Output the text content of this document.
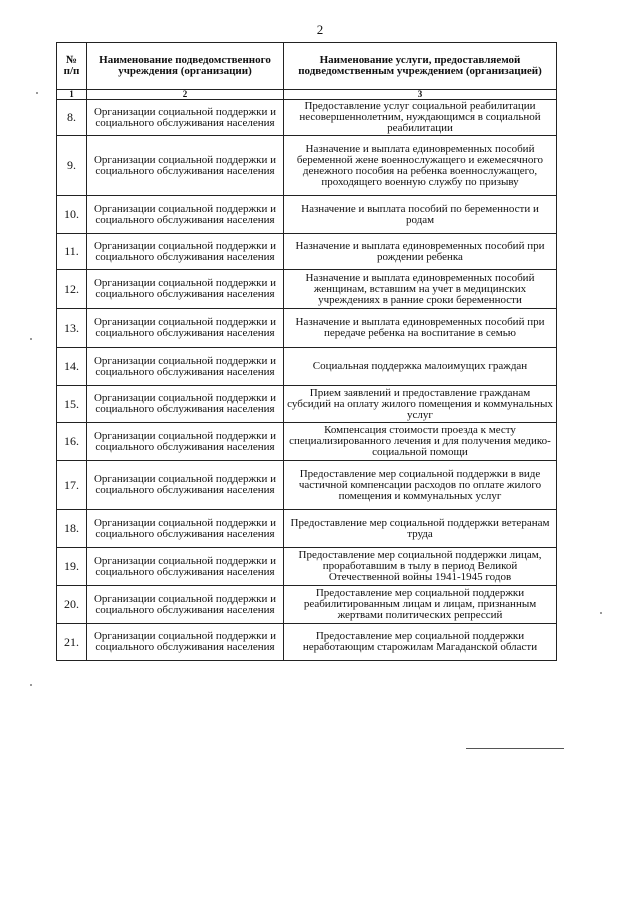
2
№ п/п	Наименование подведомственного учреждения (организации)	Наименование услуги, предоставляемой подведомственным учреждением (организацией)
1	2	3
8.	Организации социальной поддержки и социального обслуживания населения	Предоставление услуг социальной реабилитации несовершеннолетним, нуждающимся в социальной реабилитации
9.	Организации социальной поддержки и социального обслуживания населения	Назначение и выплата единовременных пособий беременной жене военнослужащего и ежемесячного денежного пособия на ребенка военнослужащего, проходящего военную службу по призыву
10.	Организации социальной поддержки и социального обслуживания населения	Назначение и выплата пособий по беременности и родам
11.	Организации социальной поддержки и социального обслуживания населения	Назначение и выплата единовременных пособий при рождении ребенка
12.	Организации социальной поддержки и социального обслуживания населения	Назначение и выплата единовременных пособий женщинам, вставшим на учет в медицинских учреждениях в ранние сроки беременности
13.	Организации социальной поддержки и социального обслуживания населения	Назначение и выплата единовременных пособий при передаче ребенка на воспитание в семью
14.	Организации социальной поддержки и социального обслуживания населения	Социальная поддержка малоимущих граждан
15.	Организации социальной поддержки и социального обслуживания населения	Прием заявлений и предоставление гражданам субсидий на оплату жилого помещения и коммунальных услуг
16.	Организации социальной поддержки и социального обслуживания населения	Компенсация стоимости проезда к месту специализированного лечения и для получения медико-социальной помощи
17.	Организации социальной поддержки и социального обслуживания населения	Предоставление мер социальной поддержки в виде частичной компенсации расходов по оплате жилого помещения и коммунальных услуг
18.	Организации социальной поддержки и социального обслуживания населения	Предоставление мер социальной поддержки ветеранам труда
19.	Организации социальной поддержки и социального обслуживания населения	Предоставление мер социальной поддержки лицам, проработавшим в тылу в период Великой Отечественной войны 1941-1945 годов
20.	Организации социальной поддержки и социального обслуживания населения	Предоставление мер социальной поддержки реабилитированным лицам и лицам, признанным жертвами политических репрессий
21.	Организации социальной поддержки и социального обслуживания населения	Предоставление мер социальной поддержки неработающим старожилам Магаданской области
